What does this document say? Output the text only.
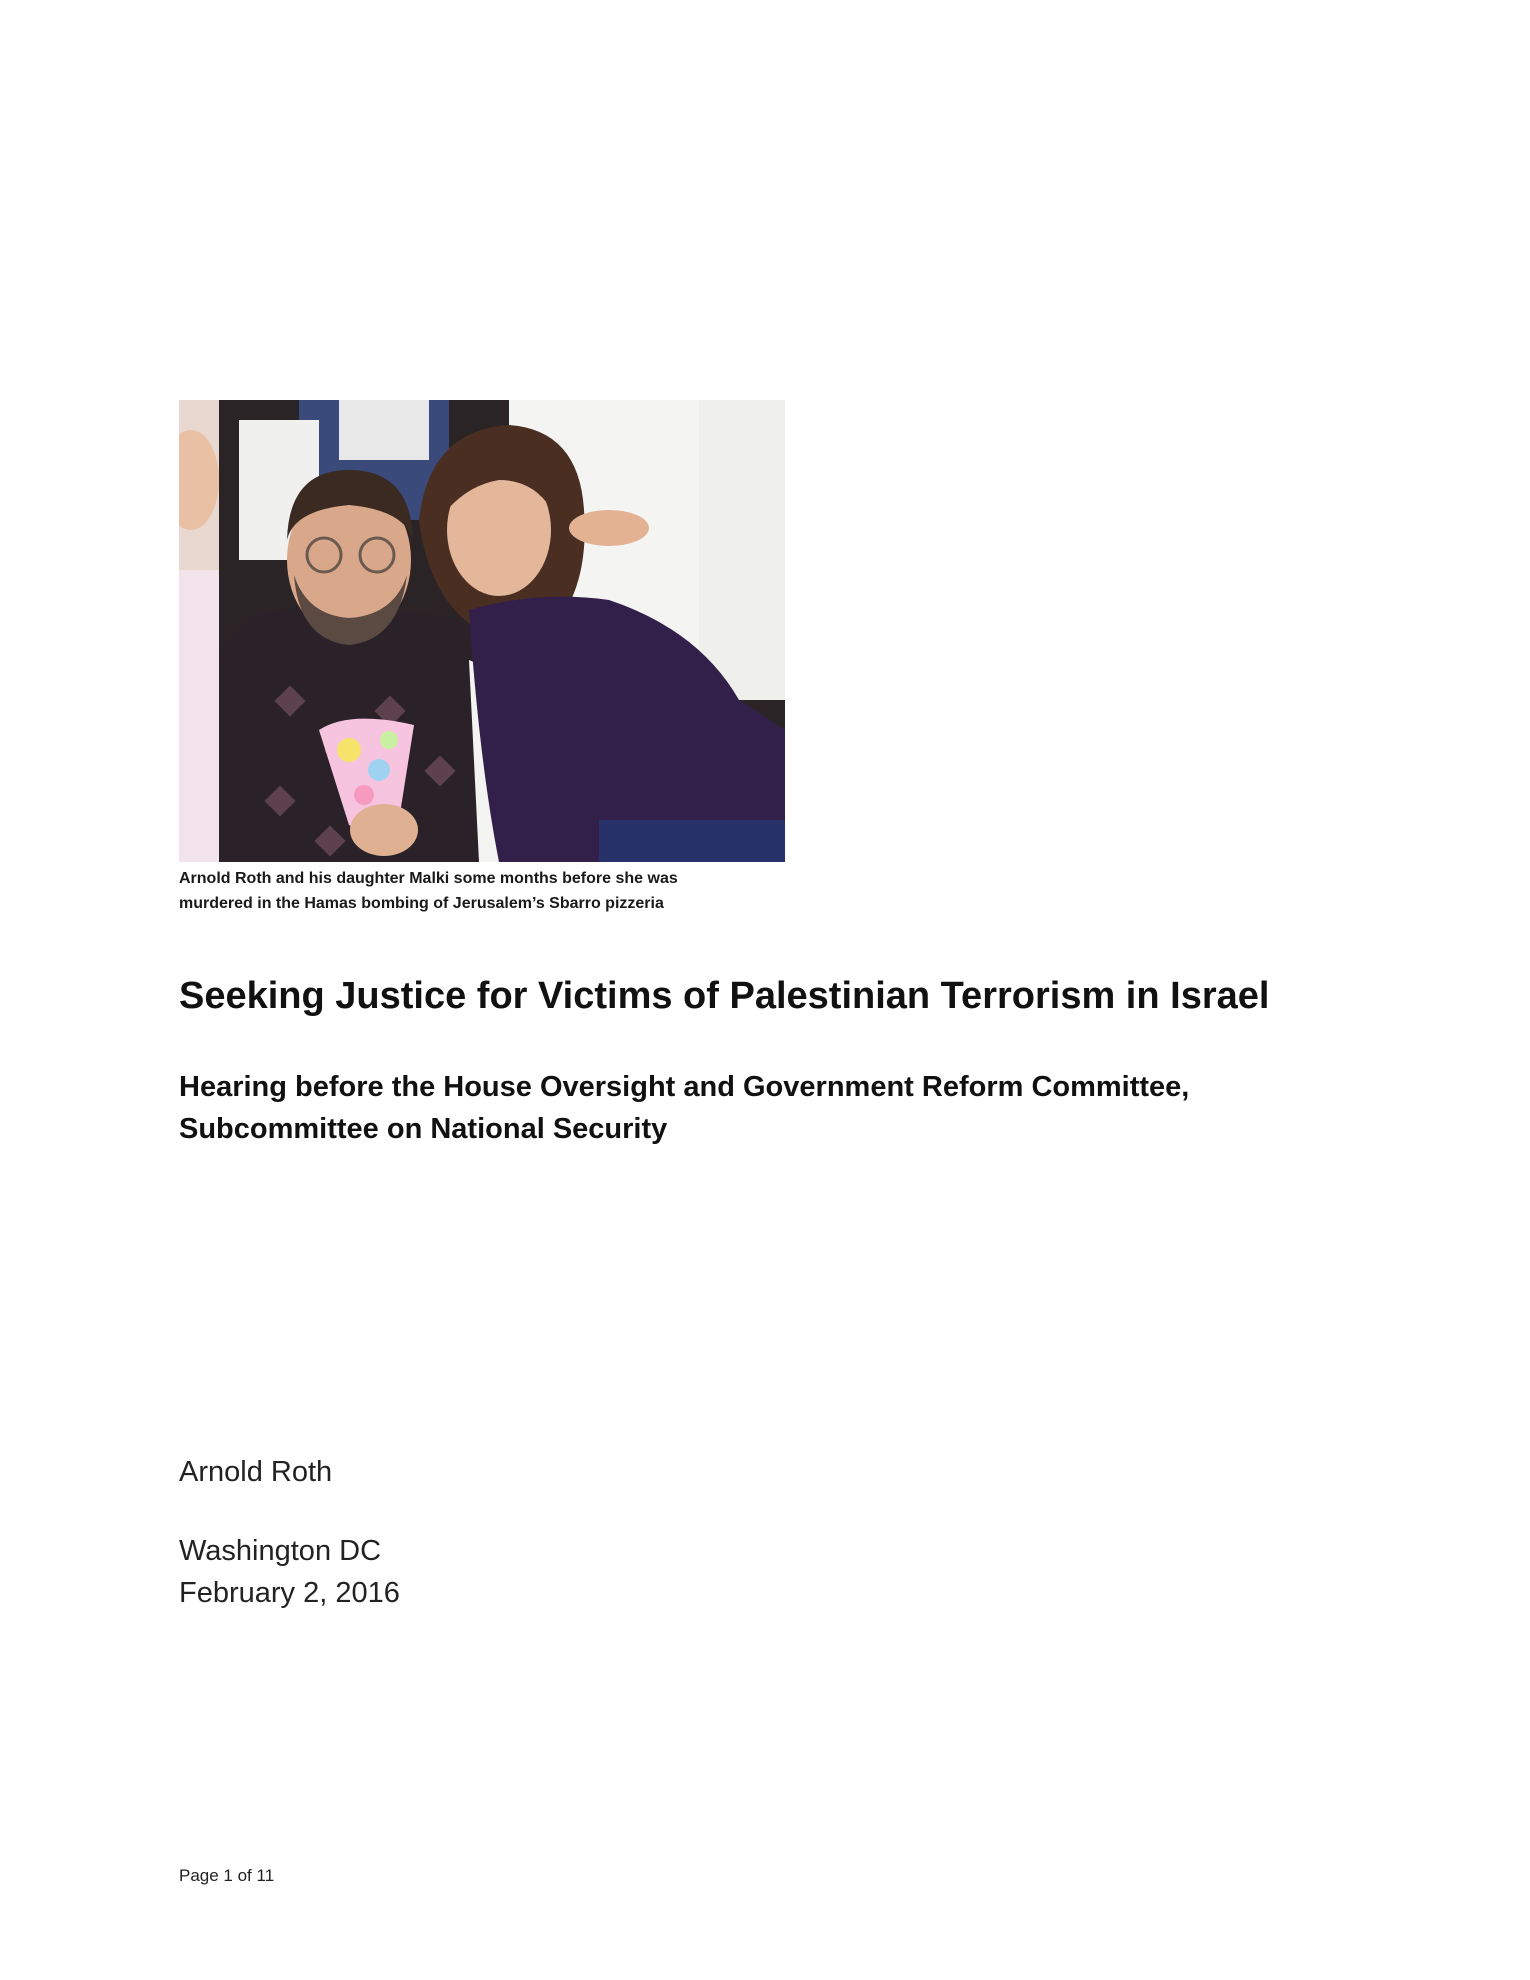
Arnold Roth and his daughter Malki some months before she was
murdered in the Hamas bombing of Jerusalem’s Sbarro pizzeria
Seeking Justice for Victims of Palestinian Terrorism in Israel
Hearing before the House Oversight and Government Reform Committee,
Subcommittee on National Security
Arnold Roth
Washington DC
February 2, 2016
Page 1 of 11
